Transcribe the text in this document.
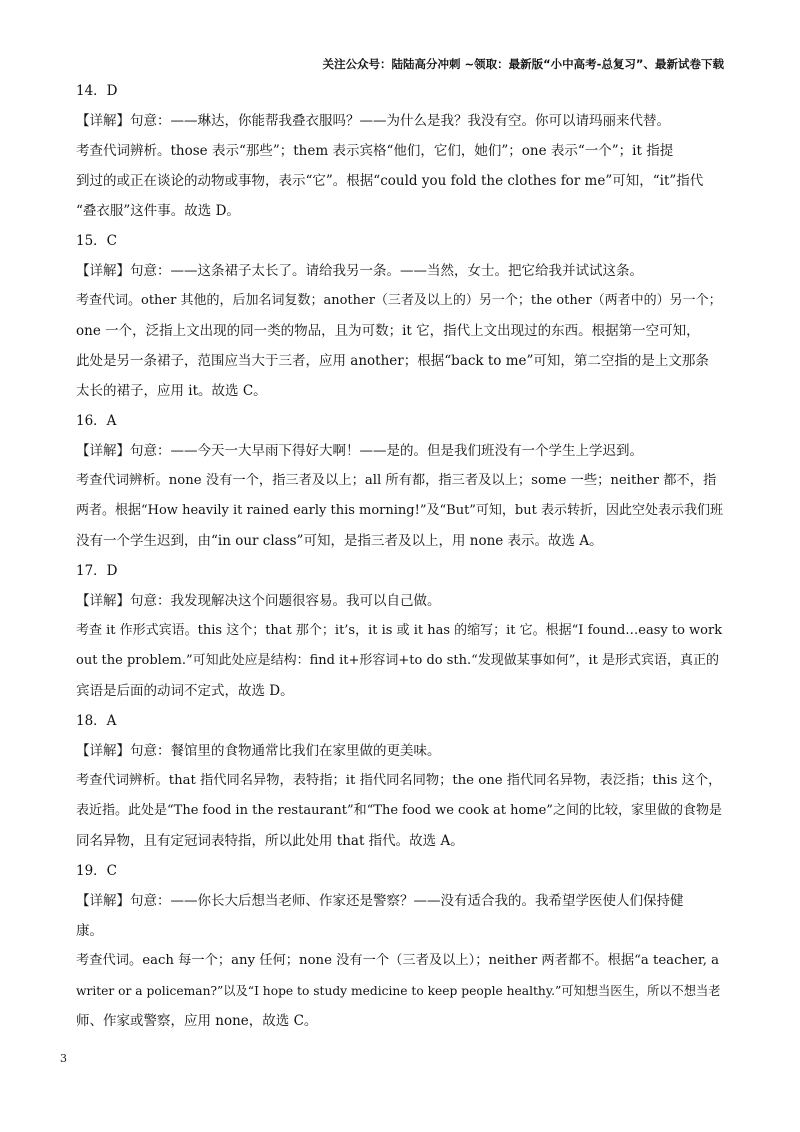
关注公众号：陆陆高分冲刺 ~领取：最新版“小中高考-总复习”、最新试卷下载
14．D
【详解】句意：——琳达，你能帮我叠衣服吗？——为什么是我？我没有空。你可以请玛丽来代替。
考查代词辨析。those 表示“那些”；them 表示宾格“他们，它们，她们”；one 表示“一个”；it 指提
到过的或正在谈论的动物或事物，表示“它”。根据“could you fold the clothes for me”可知，“it”指代
“叠衣服”这件事。故选 D。
15．C
【详解】句意：——这条裙子太长了。请给我另一条。——当然，女士。把它给我并试试这条。
考查代词。other 其他的，后加名词复数；another（三者及以上的）另一个；the other（两者中的）另一个；
one 一个，泛指上文出现的同一类的物品，且为可数；it 它，指代上文出现过的东西。根据第一空可知，
此处是另一条裙子，范围应当大于三者，应用 another；根据“back to me”可知，第二空指的是上文那条
太长的裙子，应用 it。故选 C。
16．A
【详解】句意：——今天一大早雨下得好大啊！——是的。但是我们班没有一个学生上学迟到。
考查代词辨析。none 没有一个，指三者及以上；all 所有都，指三者及以上；some 一些；neither 都不，指
两者。根据“How heavily it rained early this morning!”及“But”可知，but 表示转折，因此空处表示我们班
没有一个学生迟到，由“in our class”可知，是指三者及以上，用 none 表示。故选 A。
17．D
【详解】句意：我发现解决这个问题很容易。我可以自己做。
考查 it 作形式宾语。this 这个；that 那个；it’s，it is 或 it has 的缩写；it 它。根据“I found…easy to work
out the problem.”可知此处应是结构：find it+形容词+to do sth.“发现做某事如何”，it 是形式宾语，真正的
宾语是后面的动词不定式，故选 D。
18．A
【详解】句意：餐馆里的食物通常比我们在家里做的更美味。
考查代词辨析。that 指代同名异物，表特指；it 指代同名同物；the one 指代同名异物，表泛指；this 这个，
表近指。此处是“The food in the restaurant”和“The food we cook at home”之间的比较，家里做的食物是
同名异物，且有定冠词表特指，所以此处用 that 指代。故选 A。
19．C
【详解】句意：——你长大后想当老师、作家还是警察？——没有适合我的。我希望学医使人们保持健
康。
考查代词。each 每一个；any 任何；none 没有一个（三者及以上）；neither 两者都不。根据“a teacher, a
writer or a policeman?”以及“I hope to study medicine to keep people healthy.”可知想当医生，所以不想当老
师、作家或警察，应用 none，故选 C。
3
